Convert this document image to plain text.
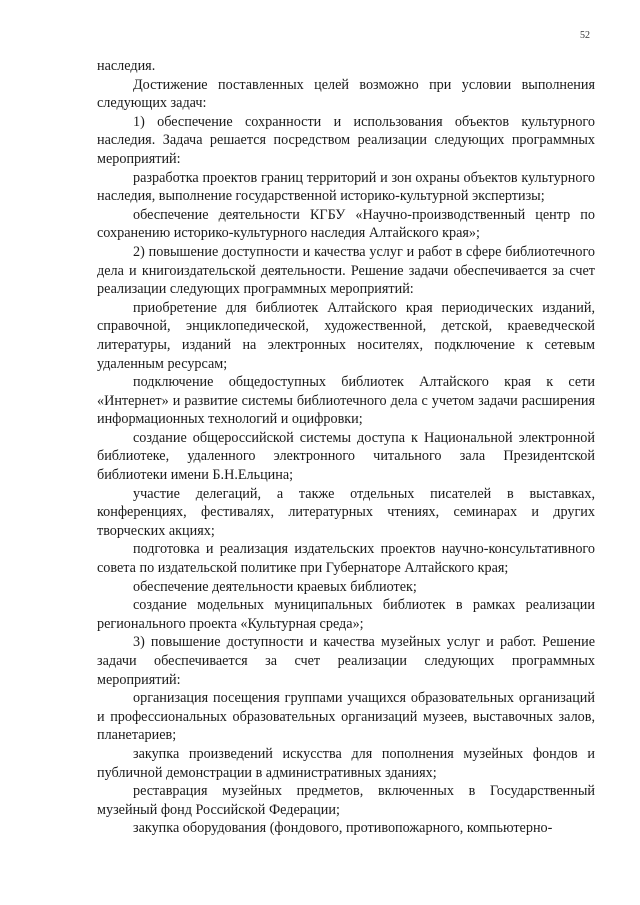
52

наследия.

Достижение поставленных целей возможно при условии выполнения следующих задач:

1) обеспечение сохранности и использования объектов культурного наследия. Задача решается посредством реализации следующих программных мероприятий:

разработка проектов границ территорий и зон охраны объектов культурного наследия, выполнение государственной историко-культурной экспертизы;

обеспечение деятельности КГБУ «Научно-производственный центр по сохранению историко-культурного наследия Алтайского края»;

2) повышение доступности и качества услуг и работ в сфере библиотечного дела и книгоиздательской деятельности. Решение задачи обеспечивается за счет реализации следующих программных мероприятий:

приобретение для библиотек Алтайского края периодических изданий, справочной, энциклопедической, художественной, детской, краеведческой литературы, изданий на электронных носителях, подключение к сетевым удаленным ресурсам;

подключение общедоступных библиотек Алтайского края к сети «Интернет» и развитие системы библиотечного дела с учетом задачи расширения информационных технологий и оцифровки;

создание общероссийской системы доступа к Национальной электронной библиотеке, удаленного электронного читального зала Президентской библиотеки имени Б.Н.Ельцина;

участие делегаций, а также отдельных писателей в выставках, конференциях, фестивалях, литературных чтениях, семинарах и других творческих акциях;

подготовка и реализация издательских проектов научно-консультативного совета по издательской политике при Губернаторе Алтайского края;

обеспечение деятельности краевых библиотек;

создание модельных муниципальных библиотек в рамках реализации регионального проекта «Культурная среда»;

3) повышение доступности и качества музейных услуг и работ. Решение задачи обеспечивается за счет реализации следующих программных мероприятий:

организация посещения группами учащихся образовательных организаций и профессиональных образовательных организаций музеев, выставочных залов, планетариев;

закупка произведений искусства для пополнения музейных фондов и публичной демонстрации в административных зданиях;

реставрация музейных предметов, включенных в Государственный музейный фонд Российской Федерации;

закупка оборудования (фондового, противопожарного, компьютерно-
